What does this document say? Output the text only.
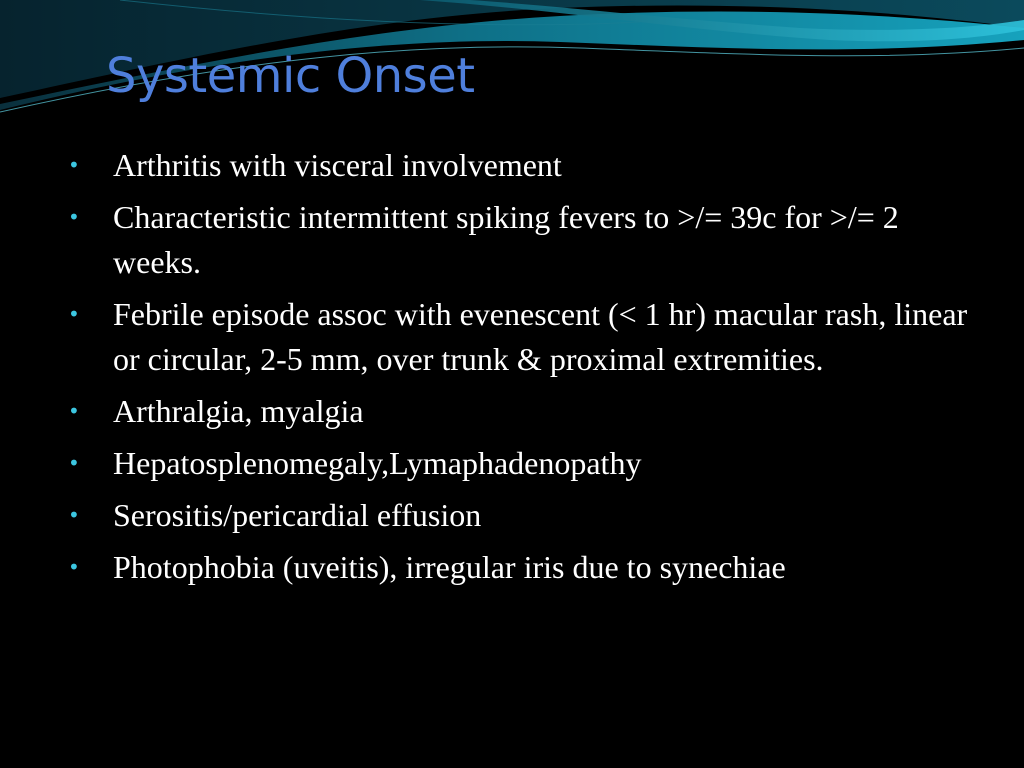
Systemic Onset
• Arthritis with visceral involvement
• Characteristic intermittent spiking fevers to >/= 39c for >/= 2 weeks.
• Febrile episode assoc with evenescent (< 1 hr) macular rash, linear or circular, 2-5 mm, over trunk & proximal extremities.
• Arthralgia, myalgia
• Hepatosplenomegaly,Lymaphadenopathy
• Serositis/pericardial effusion
• Photophobia (uveitis), irregular iris due to synechiae
